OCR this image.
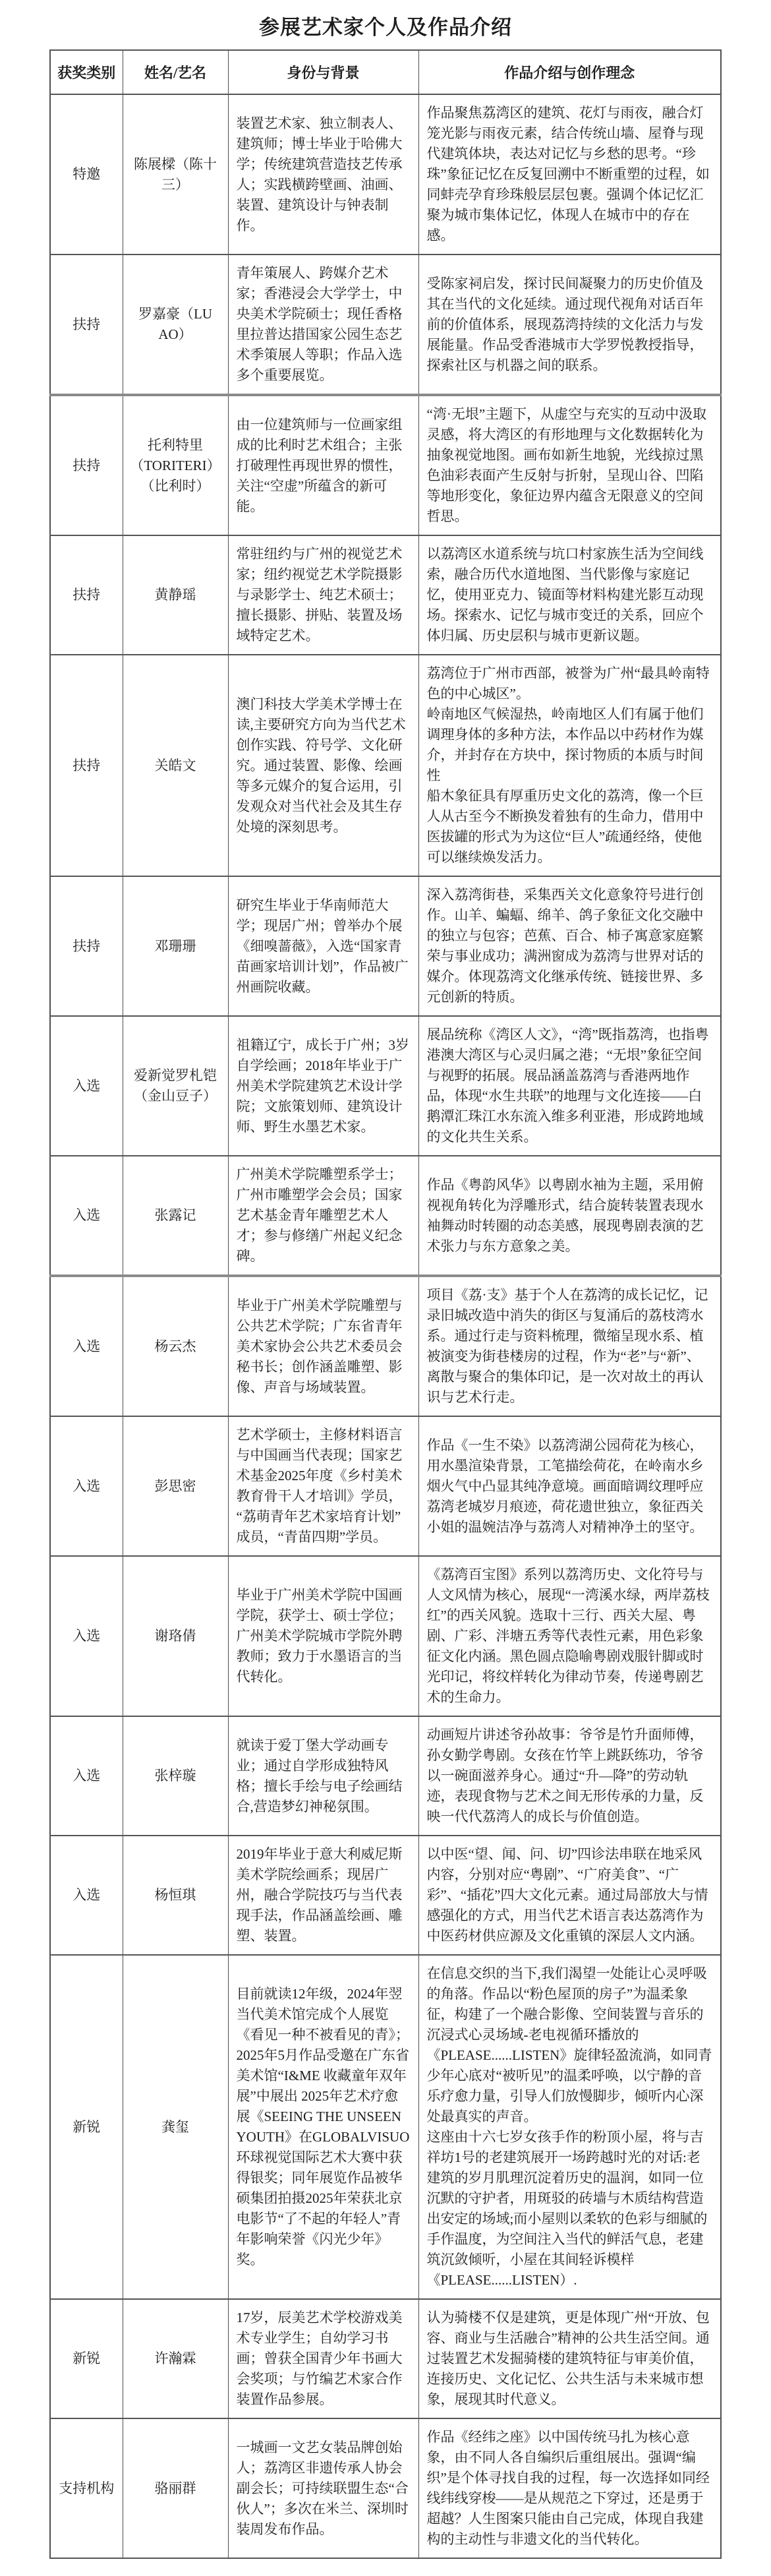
参展艺术家个人及作品介绍
获奖类别	姓名/艺名	身份与背景	作品介绍与创作理念
特邀	陈展樑（陈十三）	装置艺术家、独立制表人、建筑师；博士毕业于哈佛大学；传统建筑营造技艺传承人；实践横跨壁画、油画、装置、建筑设计与钟表制作。	作品聚焦荔湾区的建筑、花灯与雨夜，融合灯笼光影与雨夜元素，结合传统山墙、屋脊与现代建筑体块，表达对记忆与乡愁的思考。“珍珠”象征记忆在反复回溯中不断重塑的过程，如同蚌壳孕育珍珠般层层包裹。强调个体记忆汇聚为城市集体记忆，体现人在城市中的存在感。

扶持	罗嘉豪（LU AO）	青年策展人、跨媒介艺术家；香港浸会大学学士，中央美术学院硕士；现任香格里拉普达措国家公园生态艺术季策展人等职；作品入选多个重要展览。	受陈家祠启发，探讨民间凝聚力的历史价值及其在当代的文化延续。通过现代视角对话百年前的价值体系，展现荔湾持续的文化活力与发展能量。作品受香港城市大学罗悦教授指导，探索社区与机器之间的联系。

扶持	托利特里（TORITERI）（比利时）	由一位建筑师与一位画家组成的比利时艺术组合；主张打破理性再现世界的惯性，关注“空虚”所蕴含的新可能。	“湾·无垠”主题下，从虚空与充实的互动中汲取灵感，将大湾区的有形地理与文化数据转化为抽象视觉地图。画布如新生地貌，光线掠过黑色油彩表面产生反射与折射，呈现山谷、凹陷等地形变化，象征边界内蕴含无限意义的空间哲思。

扶持	黄静瑶	常驻纽约与广州的视觉艺术家；纽约视觉艺术学院摄影与录影学士、纯艺术硕士；擅长摄影、拼贴、装置及场域特定艺术。	以荔湾区水道系统与坑口村家族生活为空间线索，融合历代水道地图、当代影像与家庭记忆，使用亚克力、镜面等材料构建光影互动现场。探索水、记忆与城市变迁的关系，回应个体归属、历史层积与城市更新议题。

扶持	关皓文	澳门科技大学美术学博士在读,主要研究方向为当代艺术创作实践、符号学、文化研究。通过装置、影像、绘画等多元媒介的复合运用，引发观众对当代社会及其生存处境的深刻思考。	荔湾位于广州市西部，被誉为广州“最具岭南特色的中心城区”。
岭南地区气候湿热，岭南地区人们有属于他们调理身体的多种方法，本作品以中药材作为媒介，并封存在方块中，探讨物质的本质与时间性
船木象征具有厚重历史文化的荔湾，像一个巨人从古至今不断换发着独有的生命力，借用中医拔罐的形式为为这位“巨人”疏通经络，使他可以继续焕发活力。

扶持	邓珊珊	研究生毕业于华南师范大学；现居广州；曾举办个展《细嗅蔷薇》，入选“国家青苗画家培训计划”，作品被广州画院收藏。	深入荔湾街巷，采集西关文化意象符号进行创作。山羊、蝙蝠、绵羊、鸽子象征文化交融中的独立与包容；芭蕉、百合、柿子寓意家庭繁荣与事业成功；满洲窗成为荔湾与世界对话的媒介。体现荔湾文化继承传统、链接世界、多元创新的特质。

入选	爱新觉罗札铠（金山豆子）	祖籍辽宁，成长于广州；3岁自学绘画；2018年毕业于广州美术学院建筑艺术设计学院；文旅策划师、建筑设计师、野生水墨艺术家。	展品统称《湾区人文》，“湾”既指荔湾，也指粤港澳大湾区与心灵归属之港；“无垠”象征空间与视野的拓展。展品涵盖荔湾与香港两地作品，体现“水生共联”的地理与文化连接——白鹅潭汇珠江水东流入维多利亚港，形成跨地域的文化共生关系。

入选	张露记	广州美术学院雕塑系学士；广州市雕塑学会会员；国家艺术基金青年雕塑艺术人才；参与修缮广州起义纪念碑。	作品《粤韵风华》以粤剧水袖为主题，采用俯视视角转化为浮雕形式，结合旋转装置表现水袖舞动时转圈的动态美感，展现粤剧表演的艺术张力与东方意象之美。

入选	杨云杰	毕业于广州美术学院雕塑与公共艺术学院；广东省青年美术家协会公共艺术委员会秘书长；创作涵盖雕塑、影像、声音与场域装置。	项目《荔·支》基于个人在荔湾的成长记忆，记录旧城改造中消失的街区与复涌后的荔枝湾水系。通过行走与资料梳理，微缩呈现水系、植被演变为街巷楼房的过程，作为“老”与“新”、离散与聚合的集体印记，是一次对故土的再认识与艺术行走。

入选	彭思密	艺术学硕士，主修材料语言与中国画当代表现；国家艺术基金2025年度《乡村美术教育骨干人才培训》学员，“荔萌青年艺术家培育计划”成员，“青苗四期”学员。	作品《一生不染》以荔湾湖公园荷花为核心，用水墨渲染背景，工笔描绘荷花，在岭南水乡烟火气中凸显其纯净意境。画面暗调纹理呼应荔湾老城岁月痕迹，荷花遗世独立，象征西关小姐的温婉洁净与荔湾人对精神净土的坚守。

入选	谢珞倩	毕业于广州美术学院中国画学院，获学士、硕士学位；广州美术学院城市学院外聘教师；致力于水墨语言的当代转化。	《荔湾百宝图》系列以荔湾历史、文化符号与人文风情为核心，展现“一湾溪水绿，两岸荔枝红”的西关风貌。选取十三行、西关大屋、粤剧、广彩、泮塘五秀等代表性元素，用色彩象征文化内涵。黑色圆点隐喻粤剧戏服针脚或时光印记，将纹样转化为律动节奏，传递粤剧艺术的生命力。

入选	张梓璇	就读于爱丁堡大学动画专业；通过自学形成独特风格；擅长手绘与电子绘画结合,营造梦幻神秘氛围。	动画短片讲述爷孙故事：爷爷是竹升面师傅，孙女勤学粤剧。女孩在竹竿上跳跃练功，爷爷以一碗面滋养身心。通过“升—降”的劳动轨迹，表现食物与艺术之间无形传承的力量，反映一代代荔湾人的成长与价值创造。

入选	杨恒琪	2019年毕业于意大利威尼斯美术学院绘画系；现居广州，融合学院技巧与当代表现手法，作品涵盖绘画、雕塑、装置。	以中医“望、闻、问、切”四诊法串联在地采风内容，分别对应“粤剧”、“广府美食”、“广彩”、“插花”四大文化元素。通过局部放大与情感强化的方式，用当代艺术语言表达荔湾作为中医药材供应源及文化重镇的深层人文内涵。

新锐	龚玺	目前就读12年级，2024年翌当代美术馆完成个人展览《看见一种不被看见的青》；2025年5月作品受邀在广东省美术馆“I&ME 收藏童年双年展”中展出 2025年艺术疗愈展《SEEING THE UNSEEN YOUTH》在GLOBALVISUO环球视觉国际艺术大赛中获得银奖；同年展览作品被华硕集团拍摄2025年荣获北京电影节“了不起的年轻人”青年影响荣誉《闪光少年》奖。	在信息交织的当下,我们渴望一处能让心灵呼吸的角落。作品以“粉色屋顶的房子”为温柔象征，构建了一个融合影像、空间装置与音乐的沉浸式心灵场域-老电视循环播放的《PLEASE......LISTEN》旋律轻盈流淌，如同青少年心底对“被听见”的温柔呼唤，以宁静的音乐疗愈力量，引导人们放慢脚步，倾听内心深处最真实的声音。
这座由十六七岁女孩手作的粉顶小屋，将与吉祥坊1号的老建筑展开一场跨越时光的对话:老建筑的岁月肌理沉淀着历史的温润，如同一位沉默的守护者，用斑驳的砖墙与木质结构营造出安定的场域;而小屋则以柔软的色彩与细腻的手作温度，为空间注入当代的鲜活气息，老建筑沉敛倾听，小屋在其间轻诉模样《PLEASE......LISTEN）.

新锐	许瀚霖	17岁，辰美艺术学校游戏美术专业学生；自幼学习书画；曾获全国青少年书画大会奖项；与竹编艺术家合作装置作品参展。	认为骑楼不仅是建筑，更是体现广州“开放、包容、商业与生活融合”精神的公共生活空间。通过装置艺术发掘骑楼的建筑特征与审美价值，连接历史、文化记忆、公共生活与未来城市想象，展现其时代意义。

支持机构	骆丽群	一城画一文艺女装品牌创始人；荔湾区非遗传承人协会副会长；可持续联盟生态“合伙人”；多次在米兰、深圳时装周发布作品。	作品《经纬之座》以中国传统马扎为核心意象，由不同人各自编织后重组展出。强调“编织”是个体寻找自我的过程，每一次选择如同经线纬线穿梭——是从规范之下穿过，还是勇于超越？人生图案只能由自己完成，体现自我建构的主动性与非遗文化的当代转化。
